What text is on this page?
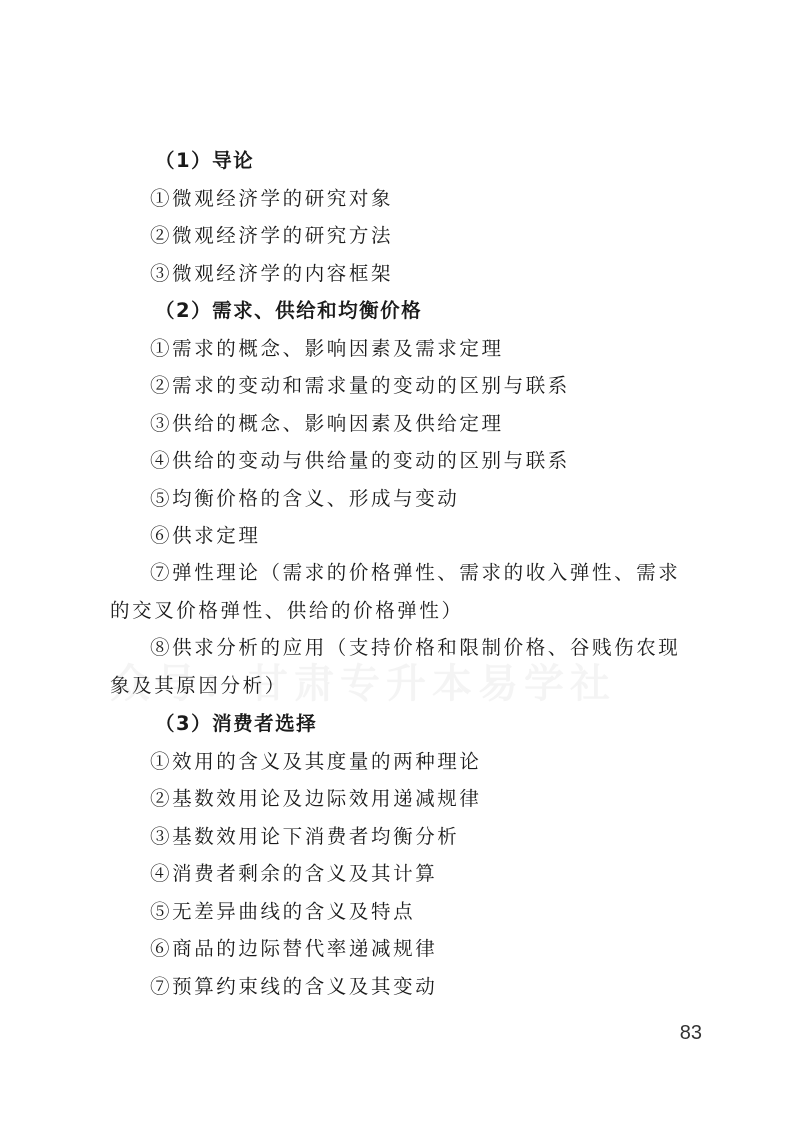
（1）导论
①微观经济学的研究对象
②微观经济学的研究方法
③微观经济学的内容框架
（2）需求、供给和均衡价格
①需求的概念、影响因素及需求定理
②需求的变动和需求量的变动的区别与联系
③供给的概念、影响因素及供给定理
④供给的变动与供给量的变动的区别与联系
⑤均衡价格的含义、形成与变动
⑥供求定理
⑦弹性理论（需求的价格弹性、需求的收入弹性、需求的交叉价格弹性、供给的价格弹性）
⑧供求分析的应用（支持价格和限制价格、谷贱伤农现象及其原因分析）
（3）消费者选择
①效用的含义及其度量的两种理论
②基数效用论及边际效用递减规律
③基数效用论下消费者均衡分析
④消费者剩余的含义及其计算
⑤无差异曲线的含义及特点
⑥商品的边际替代率递减规律
⑦预算约束线的含义及其变动
83
